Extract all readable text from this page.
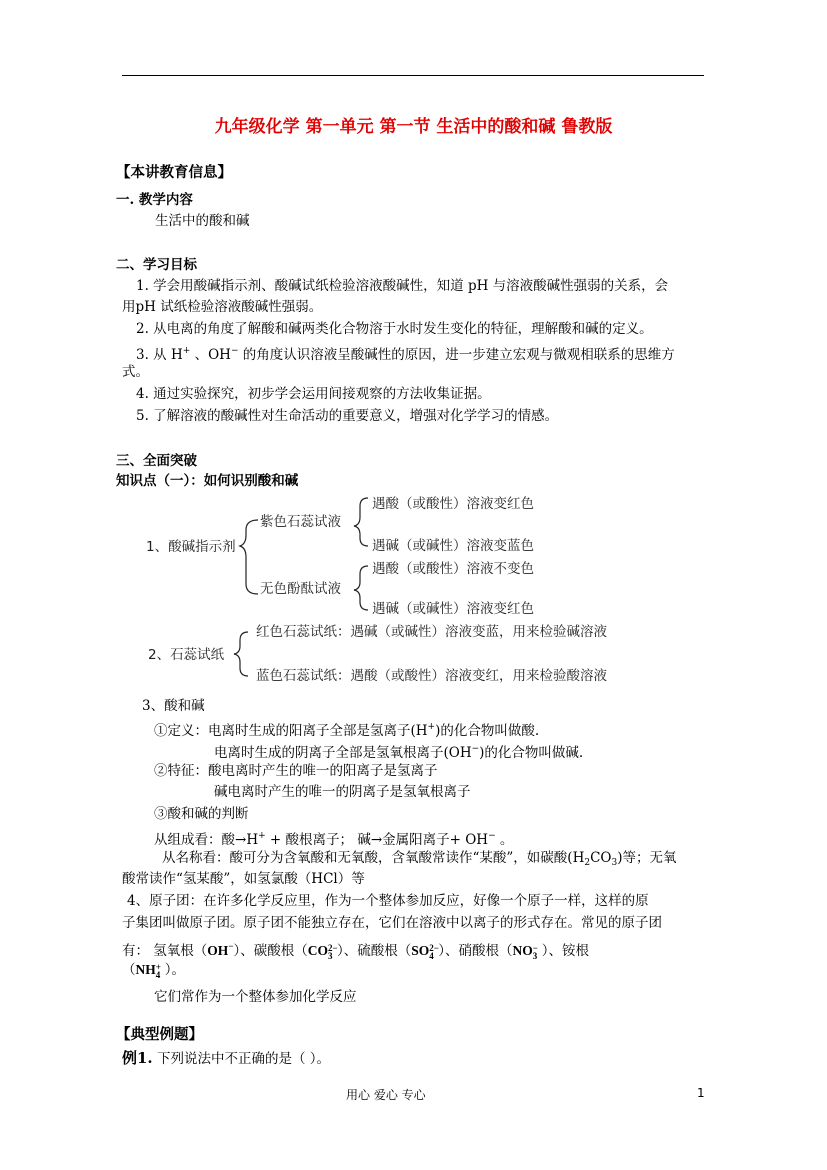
九年级化学 第一单元 第一节 生活中的酸和碱 鲁教版
【本讲教育信息】
一. 教学内容
生活中的酸和碱
二、学习目标
1. 学会用酸碱指示剂、酸碱试纸检验溶液酸碱性，知道 pH 与溶液酸碱性强弱的关系，会
用pH 试纸检验溶液酸碱性强弱。
2. 从电离的角度了解酸和碱两类化合物溶于水时发生变化的特征，理解酸和碱的定义。
3. 从 H+ 、OH− 的角度认识溶液呈酸碱性的原因，进一步建立宏观与微观相联系的思维方
式。
4. 通过实验探究，初步学会运用间接观察的方法收集证据。
5. 了解溶液的酸碱性对生命活动的重要意义，增强对化学学习的情感。
三、全面突破
知识点（一）：如何识别酸和碱
1、酸碱指示剂
紫色石蕊试液
遇酸（或酸性）溶液变红色
遇碱（或碱性）溶液变蓝色
无色酚酞试液
遇酸（或酸性）溶液不变色
遇碱（或碱性）溶液变红色
2、石蕊试纸
红色石蕊试纸：遇碱（或碱性）溶液变蓝，用来检验碱溶液
蓝色石蕊试纸：遇酸（或酸性）溶液变红，用来检验酸溶液
3、酸和碱
①定义：电离时生成的阳离子全部是氢离子(H+)的化合物叫做酸.
电离时生成的阴离子全部是氢氧根离子(OH−)的化合物叫做碱.
②特征：酸电离时产生的唯一的阳离子是氢离子
碱电离时产生的唯一的阴离子是氢氧根离子
③酸和碱的判断
从组成看：酸→H+ + 酸根离子； 碱→金属阳离子+ OH− 。
从名称看：酸可分为含氧酸和无氧酸，含氧酸常读作“某酸”，如碳酸$(H_2CO_3)$等；无氧
酸常读作“氢某酸”，如氢氯酸（HCl）等
4、原子团：在许多化学反应里，作为一个整体参加反应，好像一个原子一样，这样的原
子集团叫做原子团。原子团不能独立存在，它们在溶液中以离子的形式存在。常见的原子团
有： 氢氧根（OH−）、碳酸根（CO2−
3 ）、硫酸根（SO2−
4 ）、硝酸根（NO−
3 ）、铵根
（NH+
4 ）。
它们常作为一个整体参加化学反应
【典型例题】
例1. 下列说法中不正确的是（ ）。
用心 爱心 专心	1
